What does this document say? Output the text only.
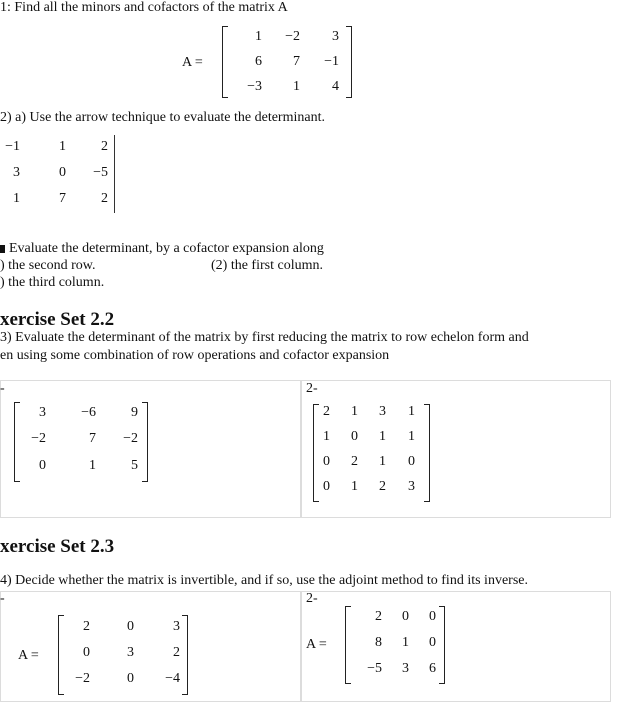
1: Find all the minors and cofactors of the matrix A
A =
1 −2 3
6 7 −1
−3 1 4
2) a) Use the arrow technique to evaluate the determinant.
−1	1	2
3	0 −5
1	7	2
Evaluate the determinant, by a cofactor expansion along
) the second row.	(2) the first column.
) the third column.
xercise Set 2.2
3) Evaluate the determinant of the matrix by first reducing the matrix to row echelon form and
en using some combination of row operations and cofactor expansion
-	2-
3	−6	9
−2	7 −2
0	1	5
2 1 3 1
1 0 1 1
0 2 1 0
0 1 2 3
xercise Set 2.3
4) Decide whether the matrix is invertible, and if so, use the adjoint method to find its inverse.
-	2-
A =
2	0	3
0	3	2
−2	0 −4
A =
2 0 0
8 1 0
−5 3 6
